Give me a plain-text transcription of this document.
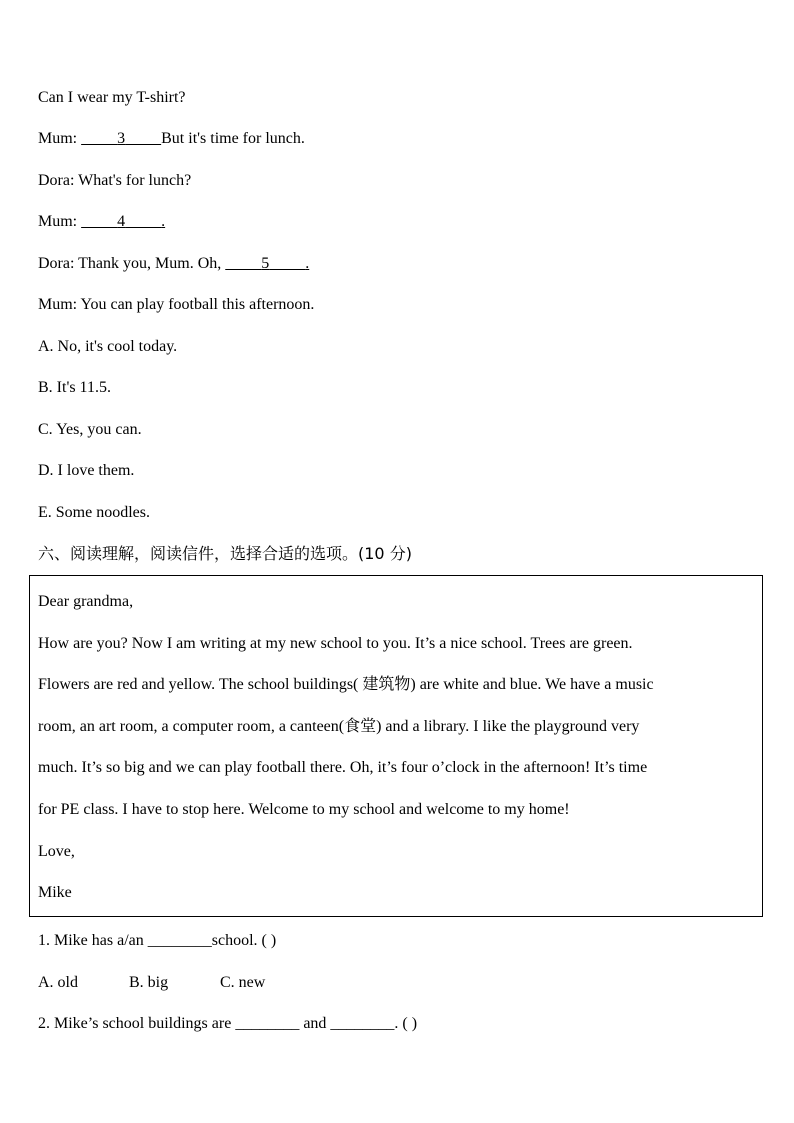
Can I wear my T-shirt?
Mum:	3 But it's time for lunch.
Dora: What's for lunch?
Mum:	4 .
Dora: Thank you, Mum. Oh,	5 .
Mum: You can play football this afternoon.
A. No, it's cool today.
B. It's 11.5.
C. Yes, you can.
D. I love them.
E. Some noodles.
六、阅读理解，阅读信件，选择合适的选项。(10 分)
Dear grandma,
How are you? Now I am writing at my new school to you. It’s a nice school. Trees are green.
Flowers are red and yellow. The school buildings( 建筑物) are white and blue. We have a music
room, an art room, a computer room, a canteen(食堂) and a library. I like the playground very
much. It’s so big and we can play football there. Oh, it’s four o’clock in the afternoon! It’s time
for PE class. I have to stop here. Welcome to my school and welcome to my home!
Love,
Mike
1. Mike has a/an ________school. ( )
A. old	B. big	C. new
2. Mike’s school buildings are ________ and ________. ( )
